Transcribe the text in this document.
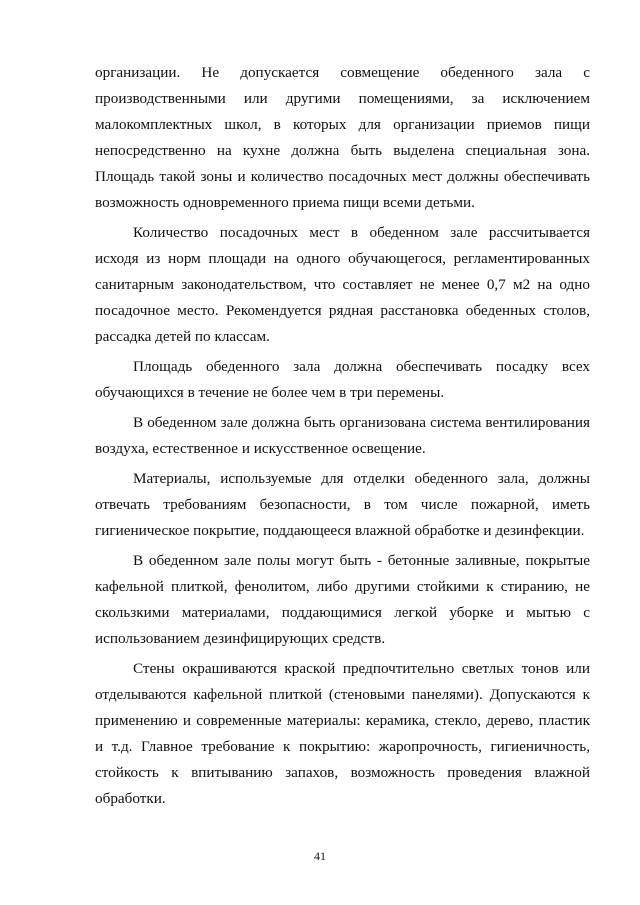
организации. Не допускается совмещение обеденного зала с производственными или другими помещениями, за исключением малокомплектных школ, в которых для организации приемов пищи непосредственно на кухне должна быть выделена специальная зона. Площадь такой зоны и количество посадочных мест должны обеспечивать возможность одновременного приема пищи всеми детьми.

Количество посадочных мест в обеденном зале рассчитывается исходя из норм площади на одного обучающегося, регламентированных санитарным законодательством, что составляет не менее 0,7 м2 на одно посадочное место. Рекомендуется рядная расстановка обеденных столов, рассадка детей по классам.

Площадь обеденного зала должна обеспечивать посадку всех обучающихся в течение не более чем в три перемены.

В обеденном зале должна быть организована система вентилирования воздуха, естественное и искусственное освещение.

Материалы, используемые для отделки обеденного зала, должны отвечать требованиям безопасности, в том числе пожарной, иметь гигиеническое покрытие, поддающееся влажной обработке и дезинфекции.

В обеденном зале полы могут быть - бетонные заливные, покрытые кафельной плиткой, фенолитом, либо другими стойкими к стиранию, не скользкими материалами, поддающимися легкой уборке и мытью с использованием дезинфицирующих средств.

Стены окрашиваются краской предпочтительно светлых тонов или отделываются кафельной плиткой (стеновыми панелями). Допускаются к применению и современные материалы: керамика, стекло, дерево, пластик и т.д. Главное требование к покрытию: жаропрочность, гигиеничность, стойкость к впитыванию запахов, возможность проведения влажной обработки.

41
